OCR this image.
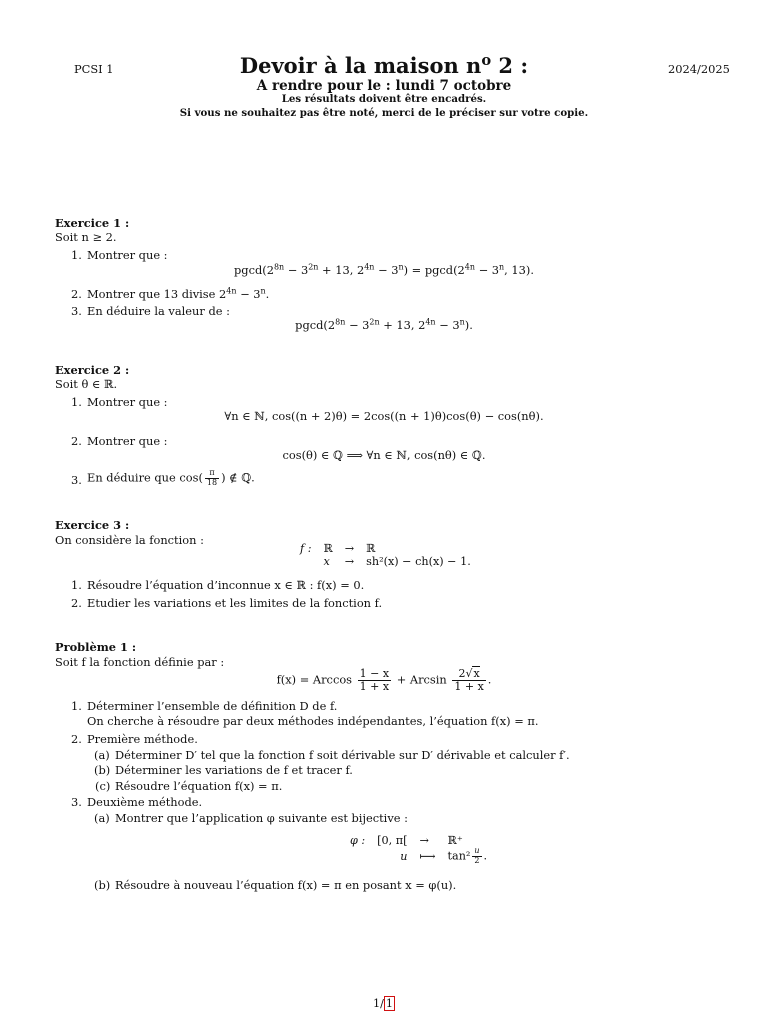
PCSI 1	2024/2025
Devoir à la maison $n^o$ 2 :
A rendre pour le : lundi 7 octobre
Les résultats doivent être encadrés.
Si vous ne souhaitez pas être noté, merci de le préciser sur votre copie.
Exercice 1 :
Soit n ≥ 2.
1. Montrer que :
$pgcd(2^{8n} - 3^{2n} + 13$, $2^{4n} - 3^n) = pgcd(2^{4n} - 3^n$, 13).
2. Montrer que 13 divise $2^{4n} - 3^n$.
3. En déduire la valeur de :
$pgcd(2^{8n} - 3^{2n} + 13$, $2^{4n} - 3^n$).
Exercice 2 :
Soit θ ∈ ℝ.
1. Montrer que :
∀n ∈ ℕ, cos((n + 2)θ) = 2cos((n + 1)θ)cos(θ) − cos(nθ).
2. Montrer que :
cos(θ) ∈ ℚ ⟹ ∀n ∈ ℕ, cos(nθ) ∈ ℚ.
3. En déduire que $\cos( \frac{\pi}{18}$ ) ∉ ℚ.
Exercice 3 :
On considère la fonction :
f :	ℝ	→	ℝ
	x	→	sh²(x) − ch(x) − 1.
1. Résoudre l’équation d’inconnue x ∈ ℝ : f(x) = 0.
2. Etudier les variations et les limites de la fonction f.
Problème 1 :
Soit f la fonction définie par :
f(x) = Arccos $\frac{1 - x}{1 + x} + Arcsin \frac{2√x}{1 + x}$ .
1. Déterminer l’ensemble de définition D de f.
On cherche à résoudre par deux méthodes indépendantes, l’équation f(x) = π.
2. Première méthode.
(a) Déterminer D′ tel que la fonction f soit dérivable sur D′ dérivable et calculer f′.
(b) Déterminer les variations de f et tracer f.
(c) Résoudre l’équation f(x) = π.
3. Deuxième méthode.
(a) Montrer que l’application φ suivante est bijective :
φ :	[0, π[	→	ℝ⁺
	u	⟼	$\tan^2 \frac{u}{2}$ .
(b) Résoudre à nouveau l’équation f(x) = π en posant x = φ(u).
1/ 1
